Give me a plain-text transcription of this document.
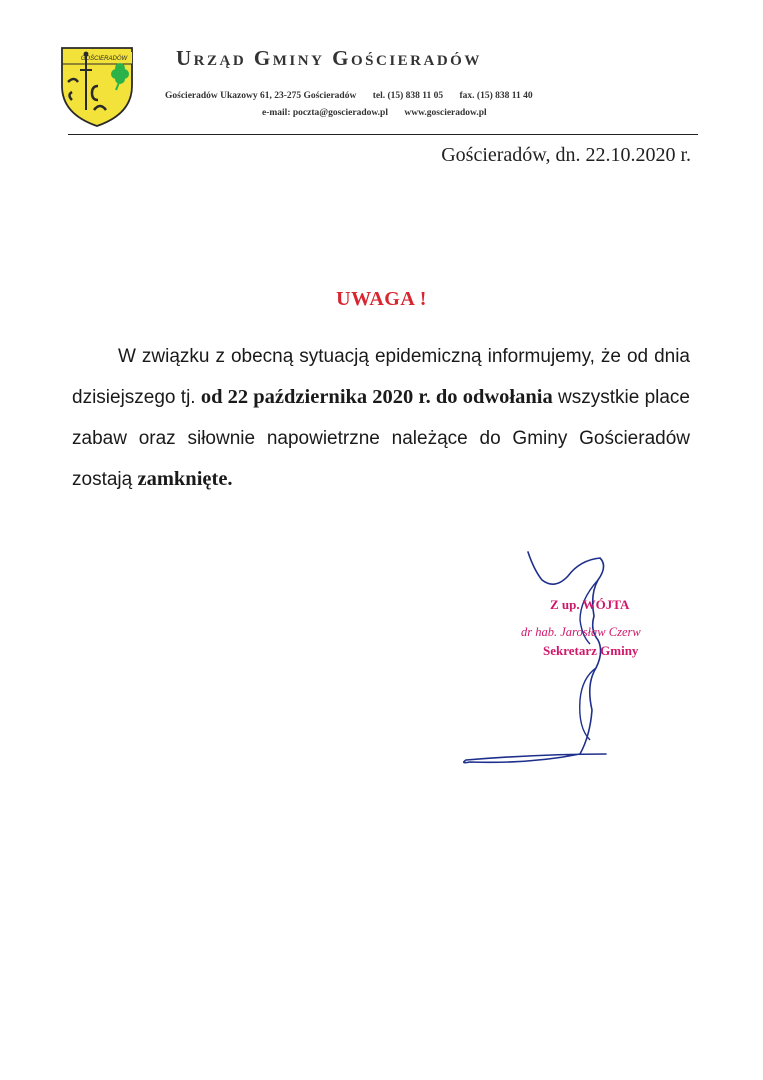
GOŚCIERADÓW Urząd Gminy Gościeradów
Gościeradów Ukazowy 61, 23-275 Gościeradów tel. (15) 838 11 05 fax. (15) 838 11 40
e-mail: poczta@goscieradow.pl www.goscieradow.pl
Gościeradów, dn. 22.10.2020 r.
UWAGA !

W związku z obecną sytuacją epidemiczną informujemy, że od dnia dzisiejszego tj. od 22 października 2020 r. do odwołania wszystkie place zabaw oraz siłownie napowietrzne należące do Gminy Gościeradów zostają zamknięte.

Z up. WÓJTA
dr hab. Jarosław Czerw
Sekretarz Gminy
